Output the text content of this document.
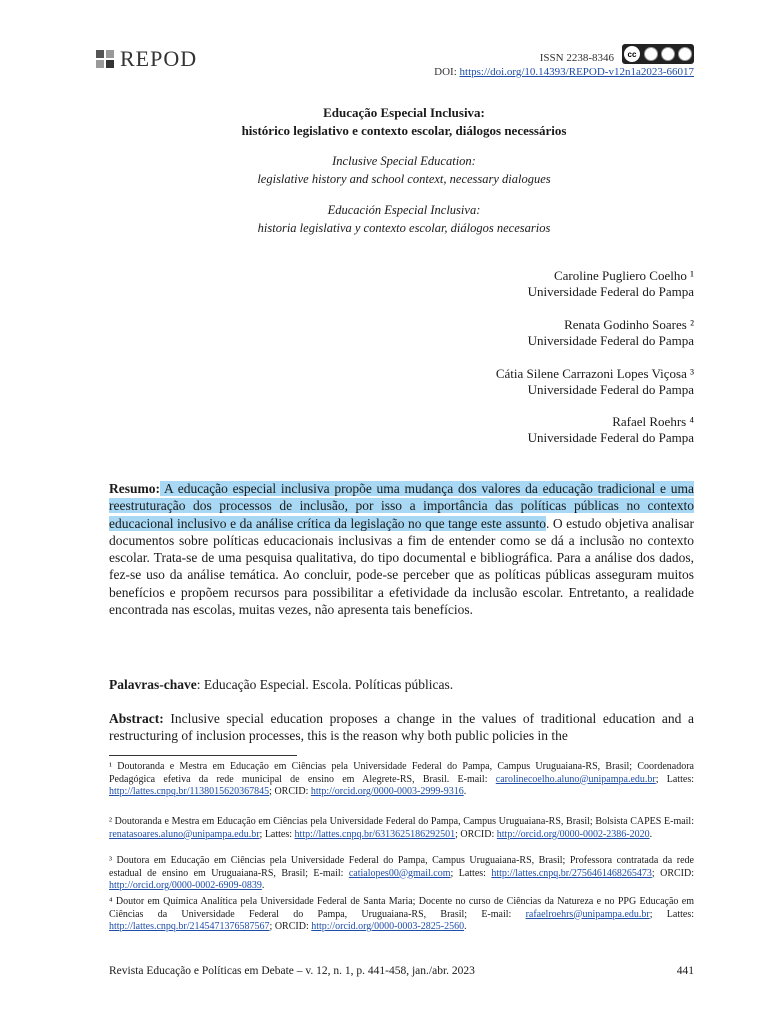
REPOD	ISSN 2238-8346	cc
DOI: https://doi.org/10.14393/REPOD-v12n1a2023-66017
Educação Especial Inclusiva:
histórico legislativo e contexto escolar, diálogos necessários
Inclusive Special Education:
legislative history and school context, necessary dialogues
Educación Especial Inclusiva:
historia legislativa y contexto escolar, diálogos necesarios
Caroline Pugliero Coelho ¹
Universidade Federal do Pampa
Renata Godinho Soares ²
Universidade Federal do Pampa
Cátia Silene Carrazoni Lopes Viçosa ³
Universidade Federal do Pampa
Rafael Roehrs ⁴
Universidade Federal do Pampa
Resumo: A educação especial inclusiva propõe uma mudança dos valores da educação tradicional e uma reestruturação dos processos de inclusão, por isso a importância das políticas públicas no contexto educacional inclusivo e da análise crítica da legislação no que tange este assunto. O estudo objetiva analisar documentos sobre políticas educacionais inclusivas a fim de entender como se dá a inclusão no contexto escolar. Trata-se de uma pesquisa qualitativa, do tipo documental e bibliográfica. Para a análise dos dados, fez-se uso da análise temática. Ao concluir, pode-se perceber que as políticas públicas asseguram muitos benefícios e propõem recursos para possibilitar a efetividade da inclusão escolar. Entretanto, a realidade encontrada nas escolas, muitas vezes, não apresenta tais benefícios.
Palavras-chave: Educação Especial. Escola. Políticas públicas.
Abstract: Inclusive special education proposes a change in the values of traditional education and a restructuring of inclusion processes, this is the reason why both public policies in the
¹ Doutoranda e Mestra em Educação em Ciências pela Universidade Federal do Pampa, Campus Uruguaiana-RS, Brasil; Coordenadora Pedagógica efetiva da rede municipal de ensino em Alegrete-RS, Brasil. E-mail: carolinecoelho.aluno@unipampa.edu.br; Lattes: http://lattes.cnpq.br/1138015620367845; ORCID: http://orcid.org/0000-0003-2999-9316.
² Doutoranda e Mestra em Educação em Ciências pela Universidade Federal do Pampa, Campus Uruguaiana-RS, Brasil; Bolsista CAPES E-mail: renatasoares.aluno@unipampa.edu.br; Lattes: http://lattes.cnpq.br/6313625186292501; ORCID: http://orcid.org/0000-0002-2386-2020.
³ Doutora em Educação em Ciências pela Universidade Federal do Pampa, Campus Uruguaiana-RS, Brasil; Professora contratada da rede estadual de ensino em Uruguaiana-RS, Brasil; E-mail: catialopes00@gmail.com; Lattes: http://lattes.cnpq.br/2756461468265473; ORCID: http://orcid.org/0000-0002-6909-0839.
⁴ Doutor em Química Analítica pela Universidade Federal de Santa Maria; Docente no curso de Ciências da Natureza e no PPG Educação em Ciências da Universidade Federal do Pampa, Uruguaiana-RS, Brasil; E-mail: rafaelroehrs@unipampa.edu.br; Lattes: http://lattes.cnpq.br/2145471376587567; ORCID: http://orcid.org/0000-0003-2825-2560.
Revista Educação e Políticas em Debate – v. 12, n. 1, p. 441-458, jan./abr. 2023	441
